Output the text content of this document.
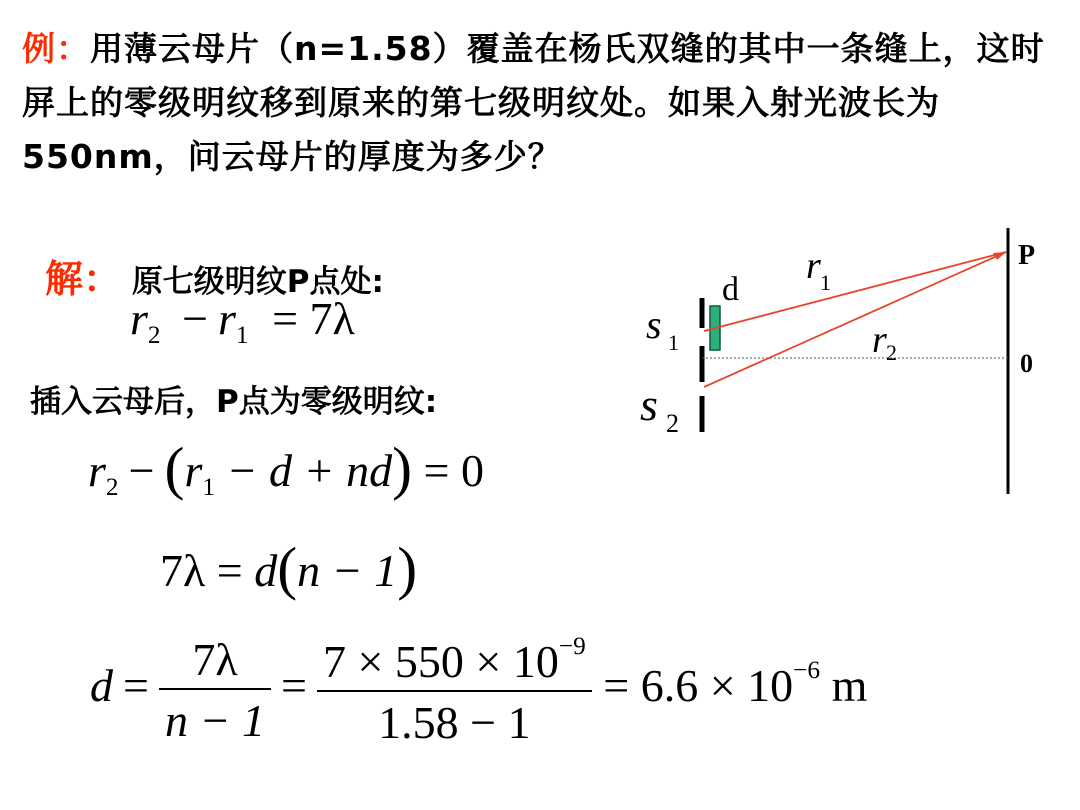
例：用薄云母片（n=1.58）覆盖在杨氏双缝的其中一条缝上，这时屏上的零级明纹移到原来的第七级明纹处。如果入射光波长为550nm，问云母片的厚度为多少？
解： 原七级明纹P点处:
$r_2 - r_1 = 7\lambda$
插入云母后，P点为零级明纹:
$r_2 - (r_1 - d + nd) = 0$
7λ = d(n − 1)
$d = \frac{7\lambda}{n - 1} = \frac{7 \times 550 \times 10^{-9}}{1.58 - 1} = 6.6 \times 10^{-6}$ m
P
0
d
s 1
s 2
r 1
r 2
